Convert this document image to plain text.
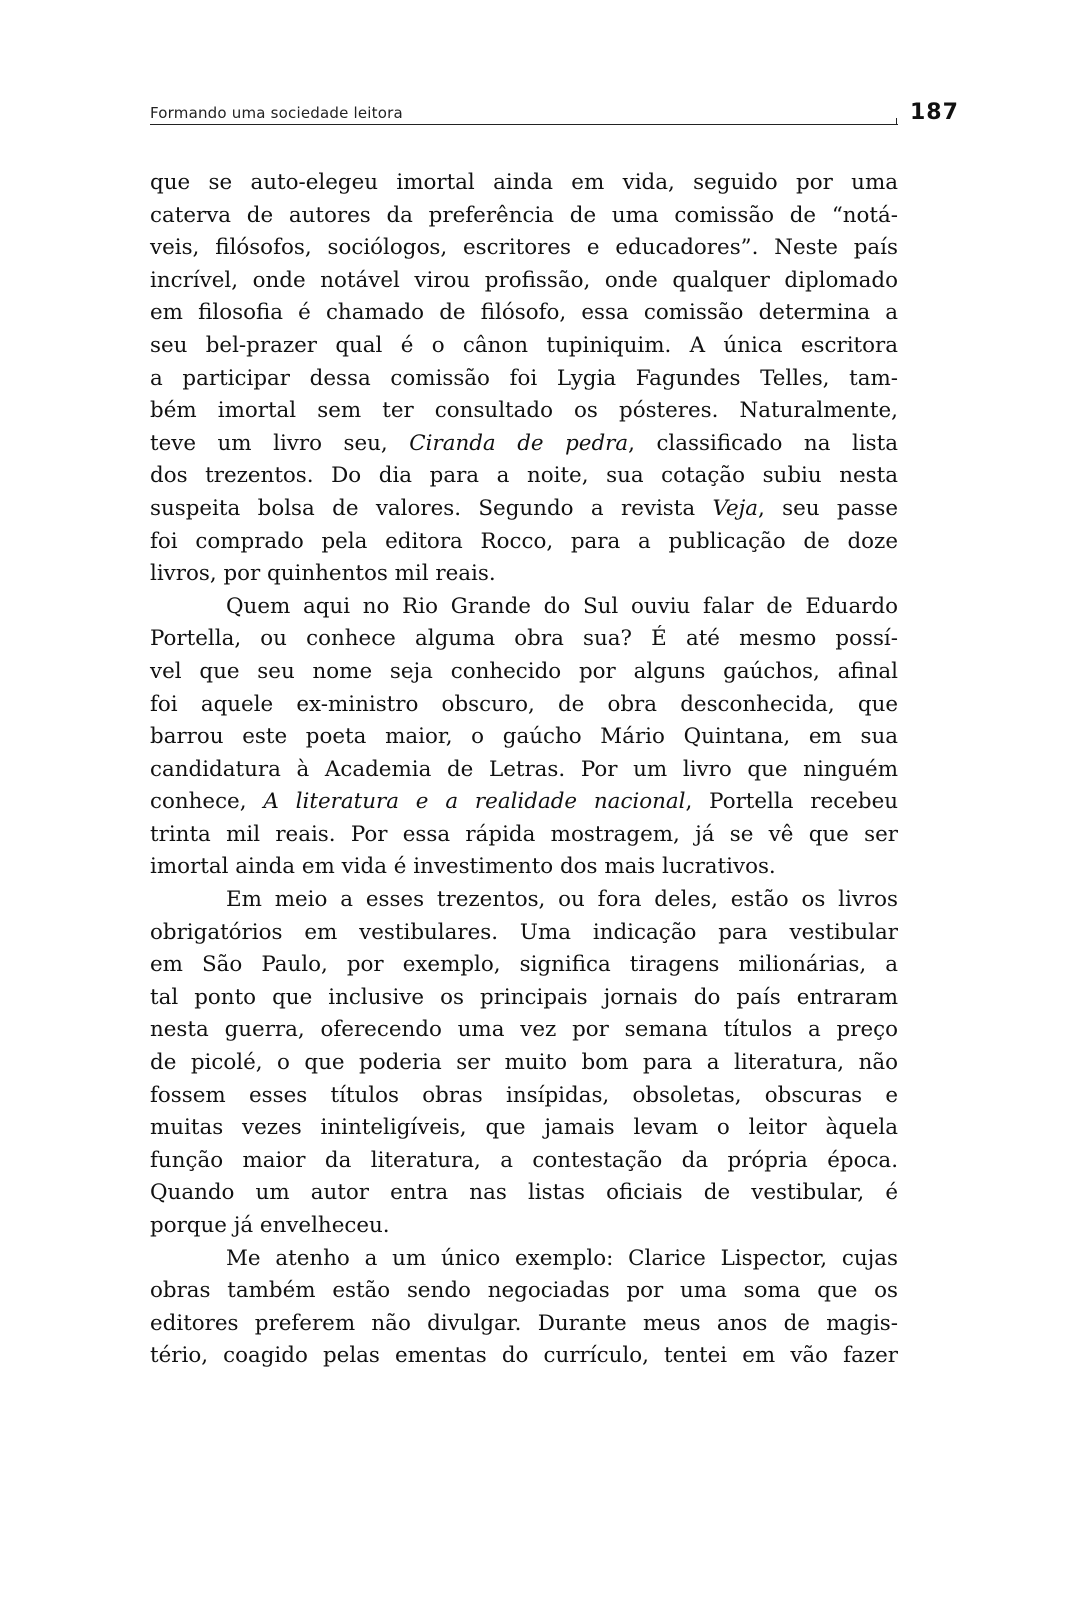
Formando uma sociedade leitora	187
que se auto-elegeu imortal ainda em vida, seguido por uma
caterva de autores da preferência de uma comissão de “notá-
veis, filósofos, sociólogos, escritores e educadores”. Neste país
incrível, onde notável virou profissão, onde qualquer diplomado
em filosofia é chamado de filósofo, essa comissão determina a
seu bel-prazer qual é o cânon tupiniquim. A única escritora
a participar dessa comissão foi Lygia Fagundes Telles, tam-
bém imortal sem ter consultado os pósteres. Naturalmente,
teve um livro seu, Ciranda de pedra, classificado na lista
dos trezentos. Do dia para a noite, sua cotação subiu nesta
suspeita bolsa de valores. Segundo a revista Veja, seu passe
foi comprado pela editora Rocco, para a publicação de doze
livros, por quinhentos mil reais.
Quem aqui no Rio Grande do Sul ouviu falar de Eduardo
Portella, ou conhece alguma obra sua? É até mesmo possí-
vel que seu nome seja conhecido por alguns gaúchos, afinal
foi aquele ex-ministro obscuro, de obra desconhecida, que
barrou este poeta maior, o gaúcho Mário Quintana, em sua
candidatura à Academia de Letras. Por um livro que ninguém
conhece, A literatura e a realidade nacional, Portella recebeu
trinta mil reais. Por essa rápida mostragem, já se vê que ser
imortal ainda em vida é investimento dos mais lucrativos.
Em meio a esses trezentos, ou fora deles, estão os livros
obrigatórios em vestibulares. Uma indicação para vestibular
em São Paulo, por exemplo, significa tiragens milionárias, a
tal ponto que inclusive os principais jornais do país entraram
nesta guerra, oferecendo uma vez por semana títulos a preço
de picolé, o que poderia ser muito bom para a literatura, não
fossem esses títulos obras insípidas, obsoletas, obscuras e
muitas vezes ininteligíveis, que jamais levam o leitor àquela
função maior da literatura, a contestação da própria época.
Quando um autor entra nas listas oficiais de vestibular, é
porque já envelheceu.
Me atenho a um único exemplo: Clarice Lispector, cujas
obras também estão sendo negociadas por uma soma que os
editores preferem não divulgar. Durante meus anos de magis-
tério, coagido pelas ementas do currículo, tentei em vão fazer
